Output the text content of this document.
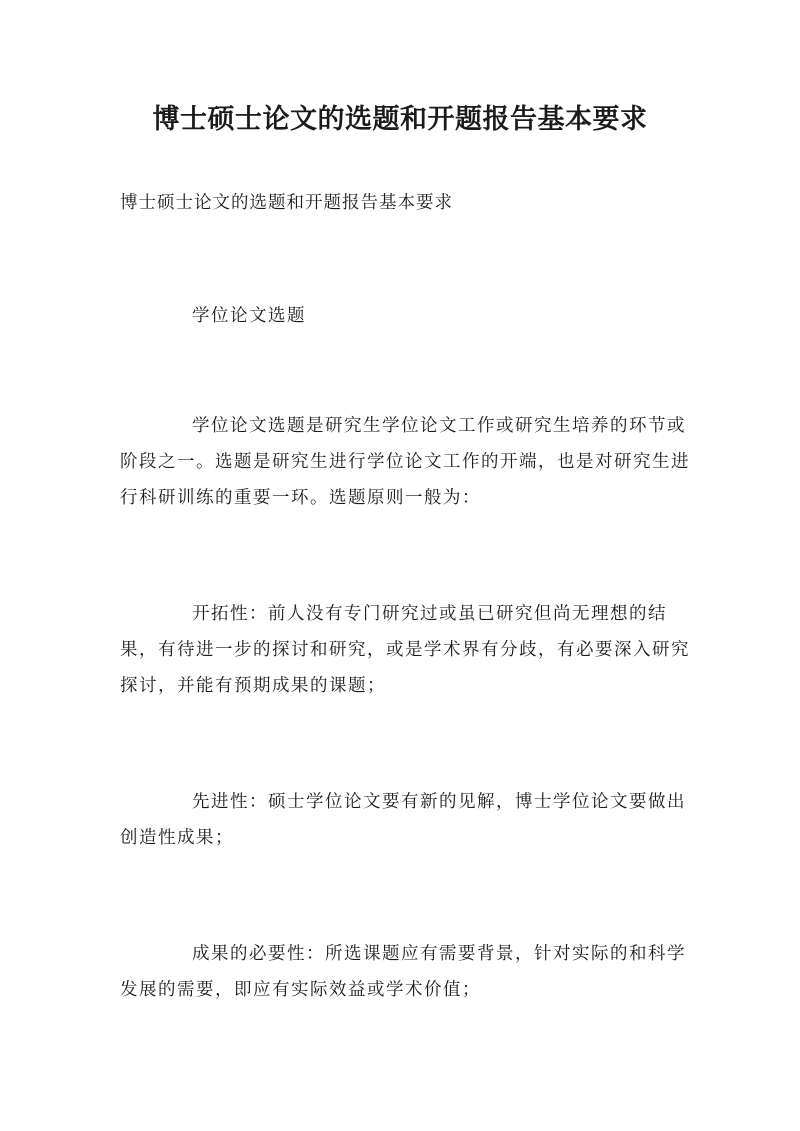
博士硕士论文的选题和开题报告基本要求

博士硕士论文的选题和开题报告基本要求

学位论文选题

学位论文选题是研究生学位论文工作或研究生培养的环节或阶段之一。选题是研究生进行学位论文工作的开端，也是对研究生进行科研训练的重要一环。选题原则一般为：

开拓性：前人没有专门研究过或虽已研究但尚无理想的结果，有待进一步的探讨和研究，或是学术界有分歧，有必要深入研究探讨，并能有预期成果的课题；

先进性：硕士学位论文要有新的见解，博士学位论文要做出创造性成果；

成果的必要性：所选课题应有需要背景，针对实际的和科学发展的需要，即应有实际效益或学术价值；
